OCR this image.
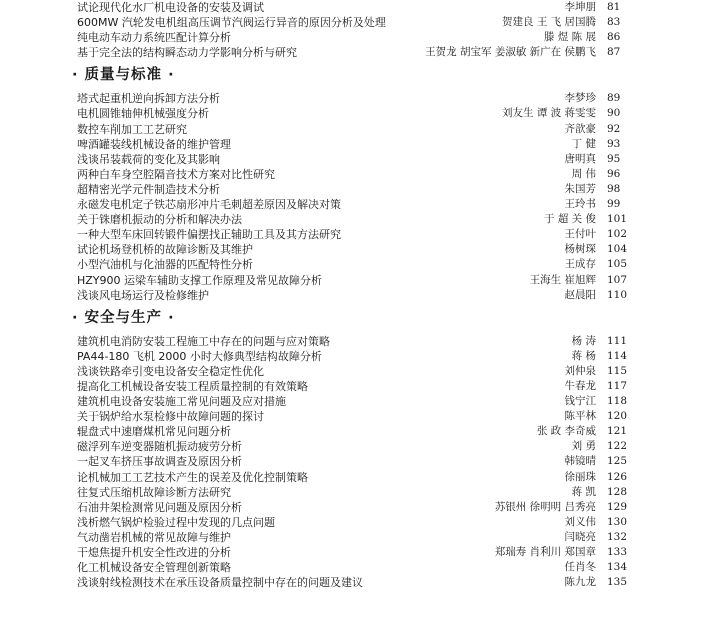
试论现代化水厂机电设备的安装及调试	李坤朋 81
600MW 汽轮发电机组高压调节汽阀运行异音的原因分析及处理	贺建良 王 飞 居国腾 83
纯电动车动力系统匹配计算分析	滕 煜 陈 展 86
基于完全法的结构瞬态动力学影响分析与研究	王贺龙 胡宝军 姜淑敏 新广在 侯鹏飞 87
· 质量与标准 ·
塔式起重机逆向拆卸方法分析	李梦珍 89
电机圆锥轴伸机械强度分析	刘友生 谭 波 蒋雯雯 90
数控车削加工工艺研究	齐歆豪 92
啤酒罐装线机械设备的维护管理	丁 健 93
浅谈吊装载荷的变化及其影响	唐明真 95
两种白车身空腔隔音技术方案对比性研究	周 伟 96
超精密光学元件制造技术分析	朱国芳 98
永磁发电机定子铁芯扇形冲片毛刺超差原因及解决对策	王玲书 99
关于铢磨机振动的分析和解决办法	于 超 关 俊 101
一种大型车床回转锻件偏摆找正辅助工具及其方法研究	王付叶 102
试论机场登机桥的故障诊断及其维护	杨树琛 104
小型汽油机与化油器的匹配特性分析	王成存 105
HZY900 运梁车辅助支撑工作原理及常见故障分析	王海生 崔旭辉 107
浅谈风电场运行及检修维护	赵晨阳 110
· 安全与生产 ·
建筑机电消防安装工程施工中存在的问题与应对策略	杨 涛 111
PA44-180 飞机 2000 小时大修典型结构故障分析	蒋 杨 114
浅谈铁路牵引变电设备安全稳定性优化	刘仲泉 115
提高化工机械设备安装工程质量控制的有效策略	牛春龙 117
建筑机电设备安装施工常见问题及应对措施	钱宁江 118
关于锅炉给水泵检修中故障问题的探讨	陈平林 120
辊盘式中速磨煤机常见问题分析	张 政 李奇威 121
磁浮列车逆变器随机振动疲劳分析	刘 勇 122
一起叉车挤压事故调查及原因分析	韩镜晴 125
论机械加工工艺技术产生的误差及优化控制策略	徐丽珠 126
往复式压缩机故障诊断方法研究	蒋 凯 128
石油井架检测常见问题及原因分析	苏银州 徐明明 吕秀亮 129
浅析燃气锅炉检验过程中发现的几点问题	刘义伟 130
气动凿岩机械的常见故障与维护	闫晓亮 132
干熄焦提升机安全性改进的分析	郑瑞寿 肖利川 郑国章 133
化工机械设备安全管理创新策略	任肖冬 134
浅谈射线检测技术在承压设备质量控制中存在的问题及建议	陈九龙 135
